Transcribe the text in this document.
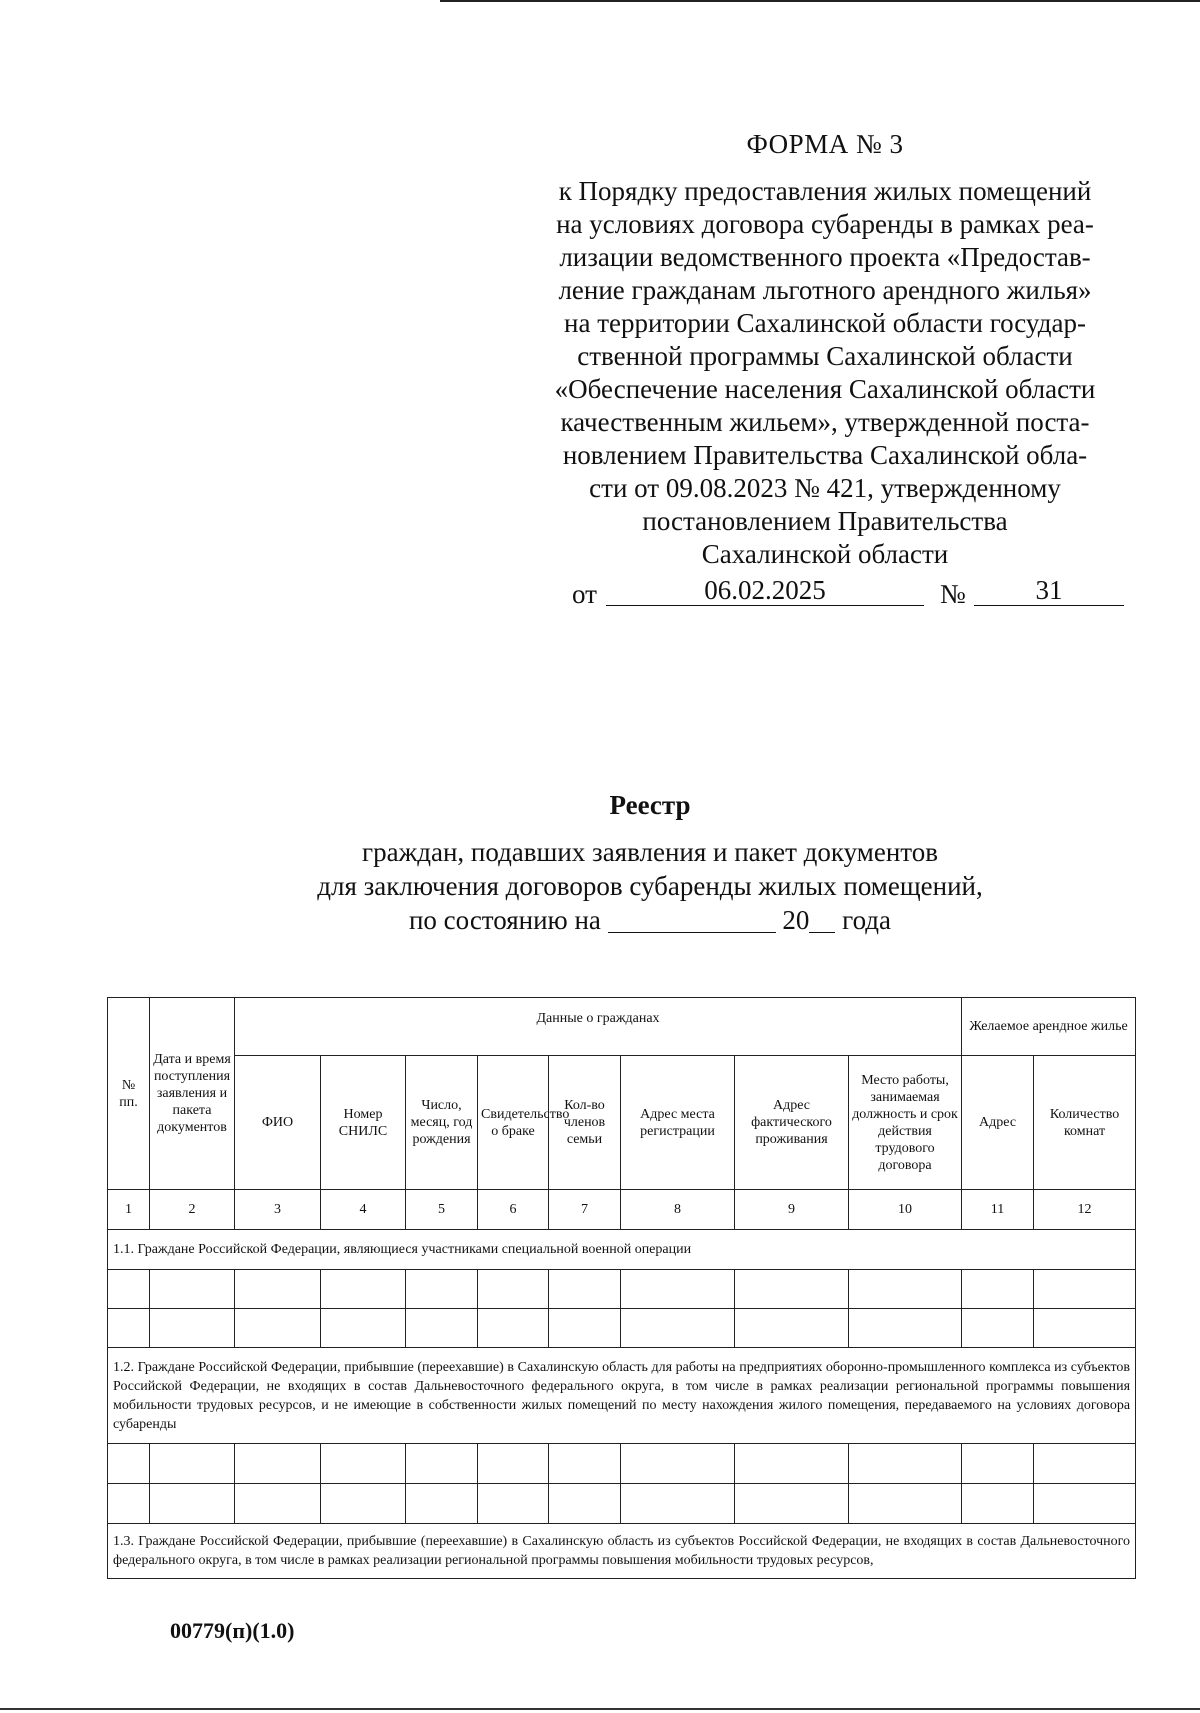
ФОРМА № 3
к Порядку предоставления жилых помещений
на условиях договора субаренды в рамках реа-
лизации ведомственного проекта «Предостав-
ление гражданам льготного арендного жилья»
на территории Сахалинской области государ-
ственной программы Сахалинской области
«Обеспечение населения Сахалинской области
качественным жильем», утвержденной поста-
новлением Правительства Сахалинской обла-
сти от 09.08.2023 № 421, утвержденному
постановлением Правительства
Сахалинской области
от	06.02.2025	№	31
Реестр
граждан, подавших заявления и пакет документов
для заключения договоров субаренды жилых помещений,
по состоянию на	20 года
№ пп.	Дата и время поступления заявления и пакета документов	Данные о гражданах								Желаемое арендное жилье	
		ФИО	Номер СНИЛС	Число, месяц, год рождения	Свидетельство о браке	Кол-во членов семьи	Адрес места регистрации	Адрес фактического проживания	Место работы, занимаемая должность и срок действия трудового договора	Адрес	Количество комнат
1	2	3	4	5	6	7	8	9	10	11	12
1.1. Граждане Российской Федерации, являющиеся участниками специальной военной операции											

1.2. Граждане Российской Федерации, прибывшие (переехавшие) в Сахалинскую область для работы на предприятиях оборонно-промышленного комплекса из субъектов Российской Федерации, не входящих в состав Дальневосточного федерального округа, в том числе в рамках реализации региональной программы повышения мобильности трудовых ресурсов, и не имеющие в собственности жилых помещений по месту нахождения жилого помещения, передаваемого на условиях договора субаренды											

1.3. Граждане Российской Федерации, прибывшие (переехавшие) в Сахалинскую область из субъектов Российской Федерации, не входящих в состав Дальневосточного федерального округа, в том числе в рамках реализации региональной программы повышения мобильности трудовых ресурсов,											
00779(п)(1.0)
